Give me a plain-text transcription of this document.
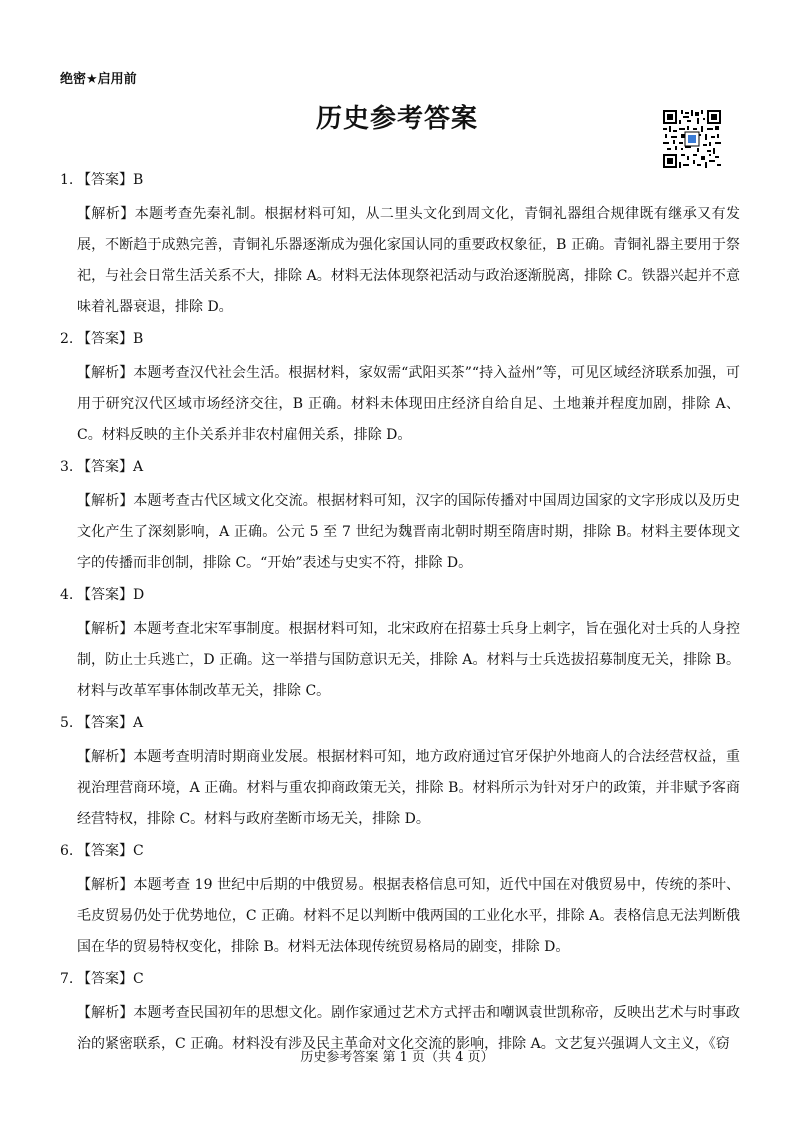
绝密★启用前
历史参考答案
1. 【答案】B
【解析】本题考查先秦礼制。根据材料可知，从二里头文化到周文化，青铜礼器组合规律既有继承又有发展，不断趋于成熟完善，青铜礼乐器逐渐成为强化家国认同的重要政权象征，B 正确。青铜礼器主要用于祭祀，与社会日常生活关系不大，排除 A。材料无法体现祭祀活动与政治逐渐脱离，排除 C。铁器兴起并不意味着礼器衰退，排除 D。
2. 【答案】B
【解析】本题考查汉代社会生活。根据材料，家奴需“武阳买茶”“持入益州”等，可见区域经济联系加强，可用于研究汉代区域市场经济交往，B 正确。材料未体现田庄经济自给自足、土地兼并程度加剧，排除 A、C。材料反映的主仆关系并非农村雇佣关系，排除 D。
3. 【答案】A
【解析】本题考查古代区域文化交流。根据材料可知，汉字的国际传播对中国周边国家的文字形成以及历史文化产生了深刻影响，A 正确。公元 5 至 7 世纪为魏晋南北朝时期至隋唐时期，排除 B。材料主要体现文字的传播而非创制，排除 C。“开始”表述与史实不符，排除 D。
4. 【答案】D
【解析】本题考查北宋军事制度。根据材料可知，北宋政府在招募士兵身上刺字，旨在强化对士兵的人身控制，防止士兵逃亡，D 正确。这一举措与国防意识无关，排除 A。材料与士兵选拔招募制度无关，排除 B。材料与改革军事体制改革无关，排除 C。
5. 【答案】A
【解析】本题考查明清时期商业发展。根据材料可知，地方政府通过官牙保护外地商人的合法经营权益，重视治理营商环境，A 正确。材料与重农抑商政策无关，排除 B。材料所示为针对牙户的政策，并非赋予客商经营特权，排除 C。材料与政府垄断市场无关，排除 D。
6. 【答案】C
【解析】本题考查 19 世纪中后期的中俄贸易。根据表格信息可知，近代中国在对俄贸易中，传统的茶叶、毛皮贸易仍处于优势地位，C 正确。材料不足以判断中俄两国的工业化水平，排除 A。表格信息无法判断俄国在华的贸易特权变化，排除 B。材料无法体现传统贸易格局的剧变，排除 D。
7. 【答案】C
【解析】本题考查民国初年的思想文化。剧作家通过艺术方式抨击和嘲讽袁世凯称帝，反映出艺术与时事政治的紧密联系，C 正确。材料没有涉及民主革命对文化交流的影响，排除 A。文艺复兴强调人文主义，《窃
历史参考答案 第 1 页（共 4 页）
